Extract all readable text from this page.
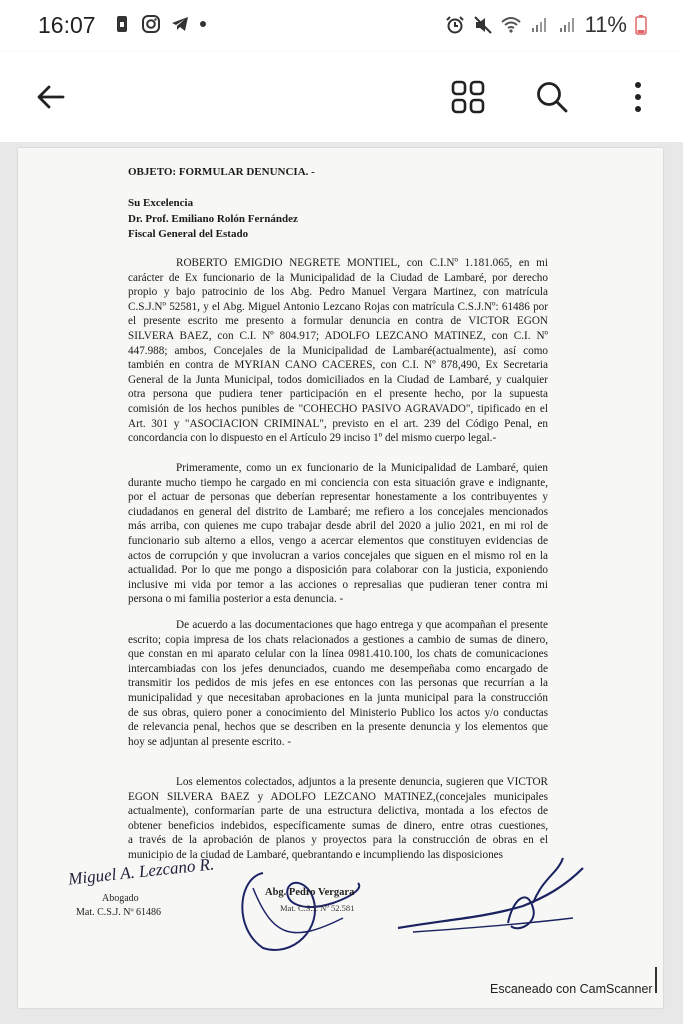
16:07	11%
OBJETO: FORMULAR DENUNCIA. -
Su Excelencia
Dr. Prof. Emiliano Rolón Fernández
Fiscal General del Estado
ROBERTO EMIGDIO NEGRETE MONTIEL, con C.I.Nº 1.181.065, en mi
carácter de Ex funcionario de la Municipalidad de la Ciudad de Lambaré, por derecho
propio y bajo patrocinio de los Abg. Pedro Manuel Vergara Martinez, con matrícula
C.S.J.Nº 52581, y el Abg. Miguel Antonio Lezcano Rojas con matrícula C.S.J.Nº: 61486 por
el presente escrito me presento a formular denuncia en contra de VICTOR EGON
SILVERA BAEZ, con C.I. Nº 804.917; ADOLFO LEZCANO MATINEZ, con C.I. Nº
447.988; ambos, Concejales de la Municipalidad de Lambaré(actualmente), así como
también en contra de MYRIAN CANO CACERES, con C.I. Nº 878,490, Ex Secretaria
General de la Junta Municipal, todos domiciliados en la Ciudad de Lambaré, y cualquier
otra persona que pudiera tener participación en el presente hecho, por la supuesta
comisión de los hechos punibles de "COHECHO PASIVO AGRAVADO", tipificado en el
Art. 301 y "ASOCIACION CRIMINAL", previsto en el art. 239 del Código Penal, en
concordancia con lo dispuesto en el Artículo 29 inciso 1º del mismo cuerpo legal.-
Primeramente, como un ex funcionario de la Municipalidad de Lambaré, quien
durante mucho tiempo he cargado en mi conciencia con esta situación grave e indignante,
por el actuar de personas que deberían representar honestamente a los contribuyentes y
ciudadanos en general del distrito de Lambaré; me refiero a los concejales mencionados
más arriba, con quienes me cupo trabajar desde abril del 2020 a julio 2021, en mi rol de
funcionario sub alterno a ellos, vengo a acercar elementos que constituyen evidencias de
actos de corrupción y que involucran a varios concejales que siguen en el mismo rol en la
actualidad. Por lo que me pongo a disposición para colaborar con la justicia, exponiendo
inclusive mi vida por temor a las acciones o represalias que pudieran tener contra mi
persona o mi familia posterior a esta denuncia. -
De acuerdo a las documentaciones que hago entrega y que acompañan el presente
escrito; copia impresa de los chats relacionados a gestiones a cambio de sumas de dinero,
que constan en mi aparato celular con la línea 0981.410.100, los chats de comunicaciones
intercambiadas con los jefes denunciados, cuando me desempeñaba como encargado de
transmitir los pedidos de mis jefes en ese entonces con las personas que recurrían a la
municipalidad y que necesitaban aprobaciones en la junta municipal para la construcción
de sus obras, quiero poner a conocimiento del Ministerio Publico los actos y/o conductas
de relevancia penal, hechos que se describen en la presente denuncia y los elementos que
hoy se adjuntan al presente escrito. -
Los elementos colectados, adjuntos a la presente denuncia, sugieren que VICTOR
EGON SILVERA BAEZ y ADOLFO LEZCANO MATINEZ,(concejales municipales
actualmente), conformarían parte de una estructura delictiva, montada a los efectos de
obtener beneficios indebidos, específicamente sumas de dinero, entre otras cuestiones,
a través de la aprobación de planos y proyectos para la construcción de obras en el
municipio de la ciudad de Lambaré, quebrantando e incumpliendo las disposiciones
Miguel A. Lezcano R.
Abogado
Mat. C.S.J. Nº 61486
Abg. Pedro Vergara
Mat. C.S.J. Nº 52.581
Escaneado con CamScanner
